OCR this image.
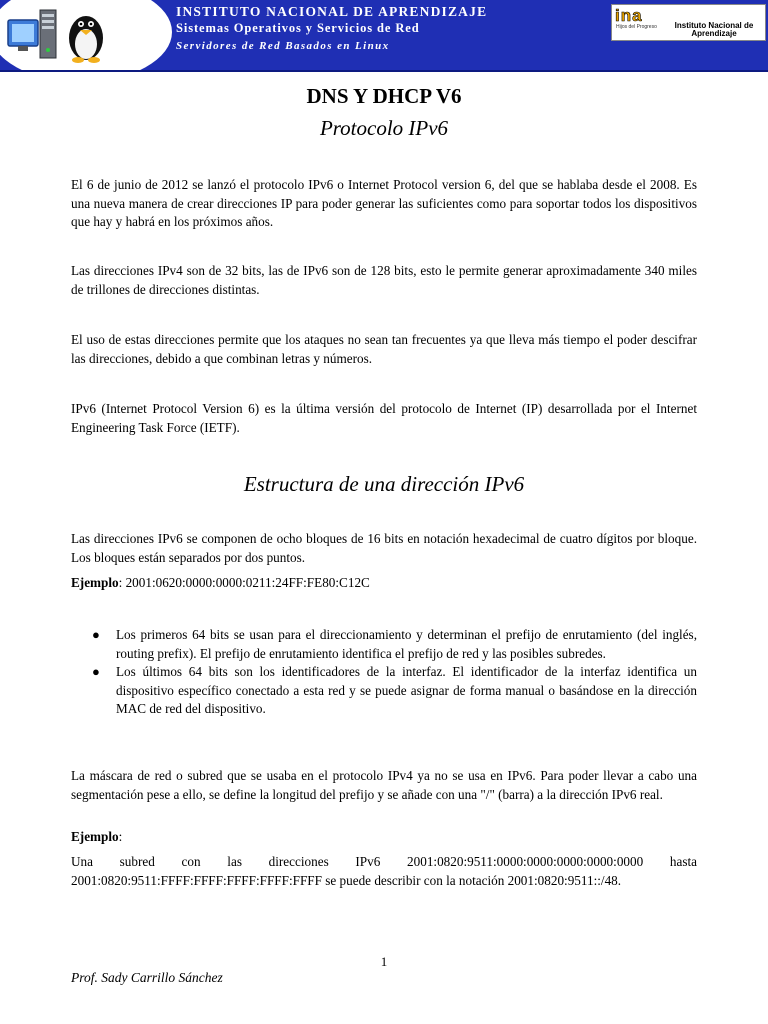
INSTITUTO NACIONAL DE APRENDIZAJE
Sistemas Operativos y Servicios de Red
Servidores de Red Basados en Linux
ina
Hijos del Progreso	Instituto Nacional de Aprendizaje
DNS Y DHCP V6
Protocolo IPv6
El 6 de junio de 2012 se lanzó el protocolo IPv6 o Internet Protocol version 6, del que se hablaba desde el 2008. Es una nueva manera de crear direcciones IP para poder generar las suficientes como para soportar todos los dispositivos que hay y habrá en los próximos años.
Las direcciones IPv4 son de 32 bits, las de IPv6 son de 128 bits, esto le permite generar aproximadamente 340 miles de trillones de direcciones distintas.
El uso de estas direcciones permite que los ataques no sean tan frecuentes ya que lleva más tiempo el poder descifrar las direcciones, debido a que combinan letras y números.
IPv6 (Internet Protocol Version 6) es la última versión del protocolo de Internet (IP) desarrollada por el Internet Engineering Task Force (IETF).
Estructura de una dirección IPv6
Las direcciones IPv6 se componen de ocho bloques de 16 bits en notación hexadecimal de cuatro dígitos por bloque. Los bloques están separados por dos puntos.
Ejemplo: 2001:0620:0000:0000:0211:24FF:FE80:C12C
● Los primeros 64 bits se usan para el direccionamiento y determinan el prefijo de enrutamiento (del inglés, routing prefix). El prefijo de enrutamiento identifica el prefijo de red y las posibles subredes.
● Los últimos 64 bits son los identificadores de la interfaz. El identificador de la interfaz identifica un dispositivo específico conectado a esta red y se puede asignar de forma manual o basándose en la dirección MAC de red del dispositivo.
La máscara de red o subred que se usaba en el protocolo IPv4 ya no se usa en IPv6. Para poder llevar a cabo una segmentación pese a ello, se define la longitud del prefijo y se añade con una "/" (barra) a la dirección IPv6 real.
Ejemplo:
Una subred con las direcciones IPv6 2001:0820:9511:0000:0000:0000:0000:0000 hasta 2001:0820:9511:FFFF:FFFF:FFFF:FFFF:FFFF se puede describir con la notación 2001:0820:9511::/48.
1
Prof. Sady Carrillo Sánchez
